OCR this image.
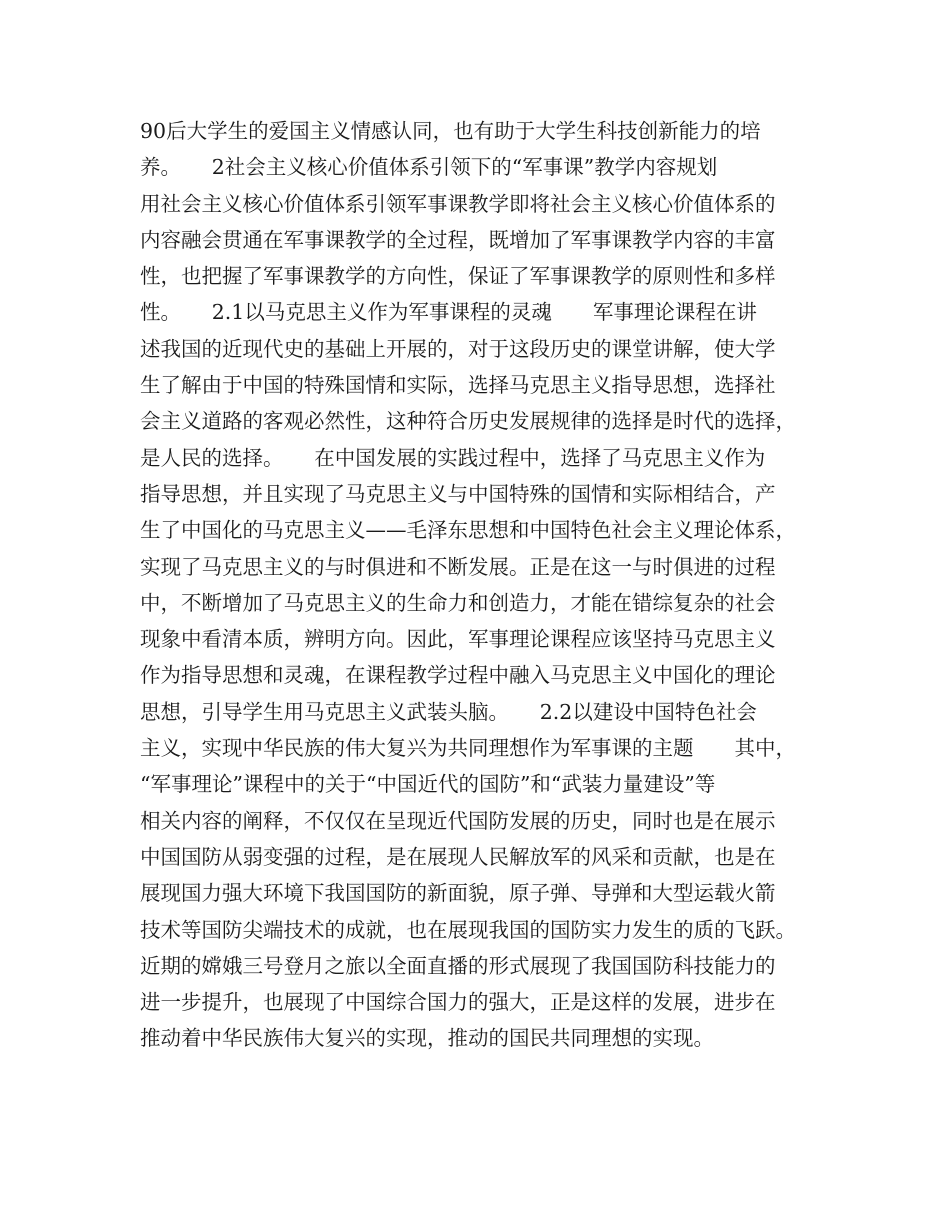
90后大学生的爱国主义情感认同，也有助于大学生科技创新能力的培
养。　　2社会主义核心价值体系引领下的“军事课”教学内容规划
用社会主义核心价值体系引领军事课教学即将社会主义核心价值体系的
内容融会贯通在军事课教学的全过程，既增加了军事课教学内容的丰富
性，也把握了军事课教学的方向性，保证了军事课教学的原则性和多样
性。　　2.1以马克思主义作为军事课程的灵魂　　军事理论课程在讲
述我国的近现代史的基础上开展的，对于这段历史的课堂讲解，使大学
生了解由于中国的特殊国情和实际，选择马克思主义指导思想，选择社
会主义道路的客观必然性，这种符合历史发展规律的选择是时代的选择，
是人民的选择。　　在中国发展的实践过程中，选择了马克思主义作为
指导思想，并且实现了马克思主义与中国特殊的国情和实际相结合，产
生了中国化的马克思主义——毛泽东思想和中国特色社会主义理论体系，
实现了马克思主义的与时俱进和不断发展。正是在这一与时俱进的过程
中，不断增加了马克思主义的生命力和创造力，才能在错综复杂的社会
现象中看清本质，辨明方向。因此，军事理论课程应该坚持马克思主义
作为指导思想和灵魂，在课程教学过程中融入马克思主义中国化的理论
思想，引导学生用马克思主义武装头脑。　　2.2以建设中国特色社会
主义，实现中华民族的伟大复兴为共同理想作为军事课的主题　　其中，
“军事理论”课程中的关于“中国近代的国防”和“武装力量建设”等
相关内容的阐释，不仅仅在呈现近代国防发展的历史，同时也是在展示
中国国防从弱变强的过程，是在展现人民解放军的风采和贡献，也是在
展现国力强大环境下我国国防的新面貌，原子弹、导弹和大型运载火箭
技术等国防尖端技术的成就，也在展现我国的国防实力发生的质的飞跃。
近期的嫦娥三号登月之旅以全面直播的形式展现了我国国防科技能力的
进一步提升，也展现了中国综合国力的强大，正是这样的发展，进步在
推动着中华民族伟大复兴的实现，推动的国民共同理想的实现。
